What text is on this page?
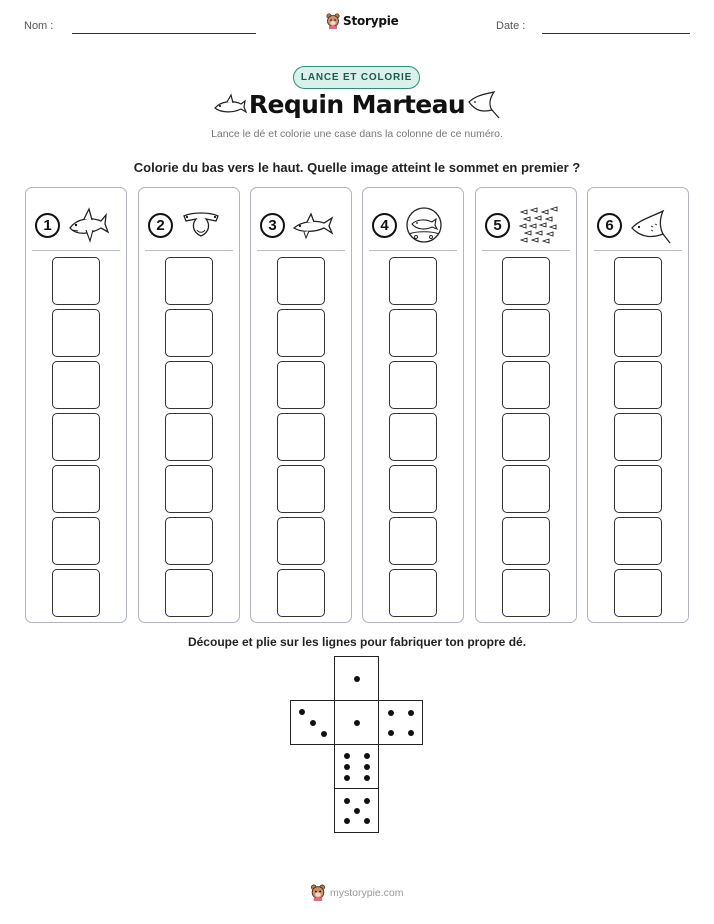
Nom :	Storypie	Date :
LANCE ET COLORIE
Requin Marteau
Lance le dé et colorie une case dans la colonne de ce numéro.
Colorie du bas vers le haut. Quelle image atteint le sommet en premier ?
1	2	3	4	5	6
Découpe et plie sur les lignes pour fabriquer ton propre dé.
mystorypie.com
